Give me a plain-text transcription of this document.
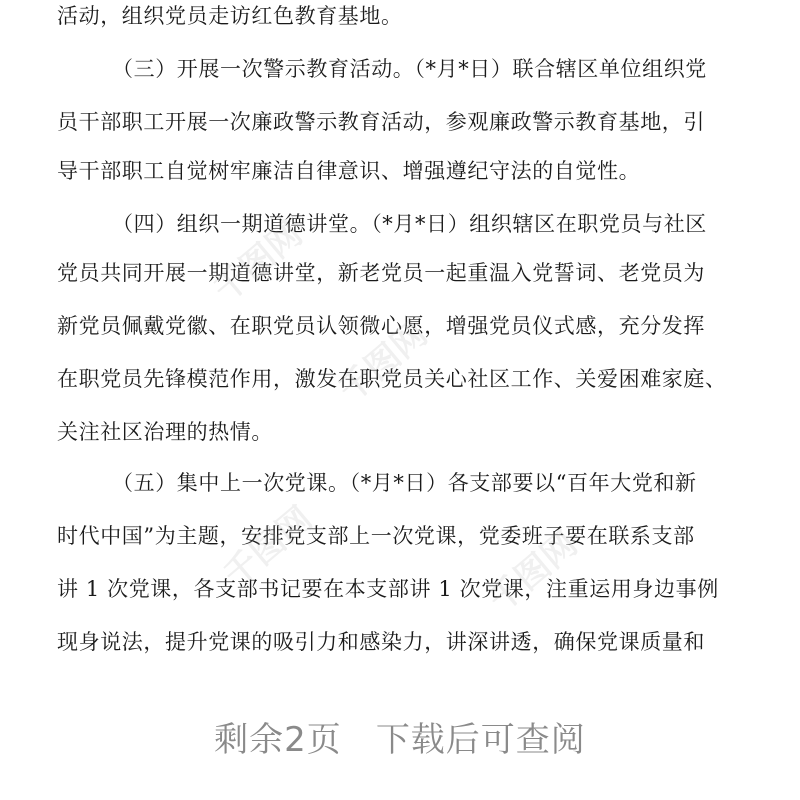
活动，组织党员走访红色教育基地。
（三）开展一次警示教育活动。（*月*日）联合辖区单位组织党
员干部职工开展一次廉政警示教育活动，参观廉政警示教育基地，引
导干部职工自觉树牢廉洁自律意识、增强遵纪守法的自觉性。
（四）组织一期道德讲堂。（*月*日）组织辖区在职党员与社区
党员共同开展一期道德讲堂，新老党员一起重温入党誓词、老党员为
新党员佩戴党徽、在职党员认领微心愿，增强党员仪式感，充分发挥
在职党员先锋模范作用，激发在职党员关心社区工作、关爱困难家庭、
关注社区治理的热情。
（五）集中上一次党课。（*月*日）各支部要以“百年大党和新
时代中国”为主题，安排党支部上一次党课，党委班子要在联系支部
讲 1 次党课，各支部书记要在本支部讲 1 次党课，注重运用身边事例
现身说法，提升党课的吸引力和感染力，讲深讲透，确保党课质量和
千图网
千图网
千图网	千图网
剩余2页 下载后可查阅
